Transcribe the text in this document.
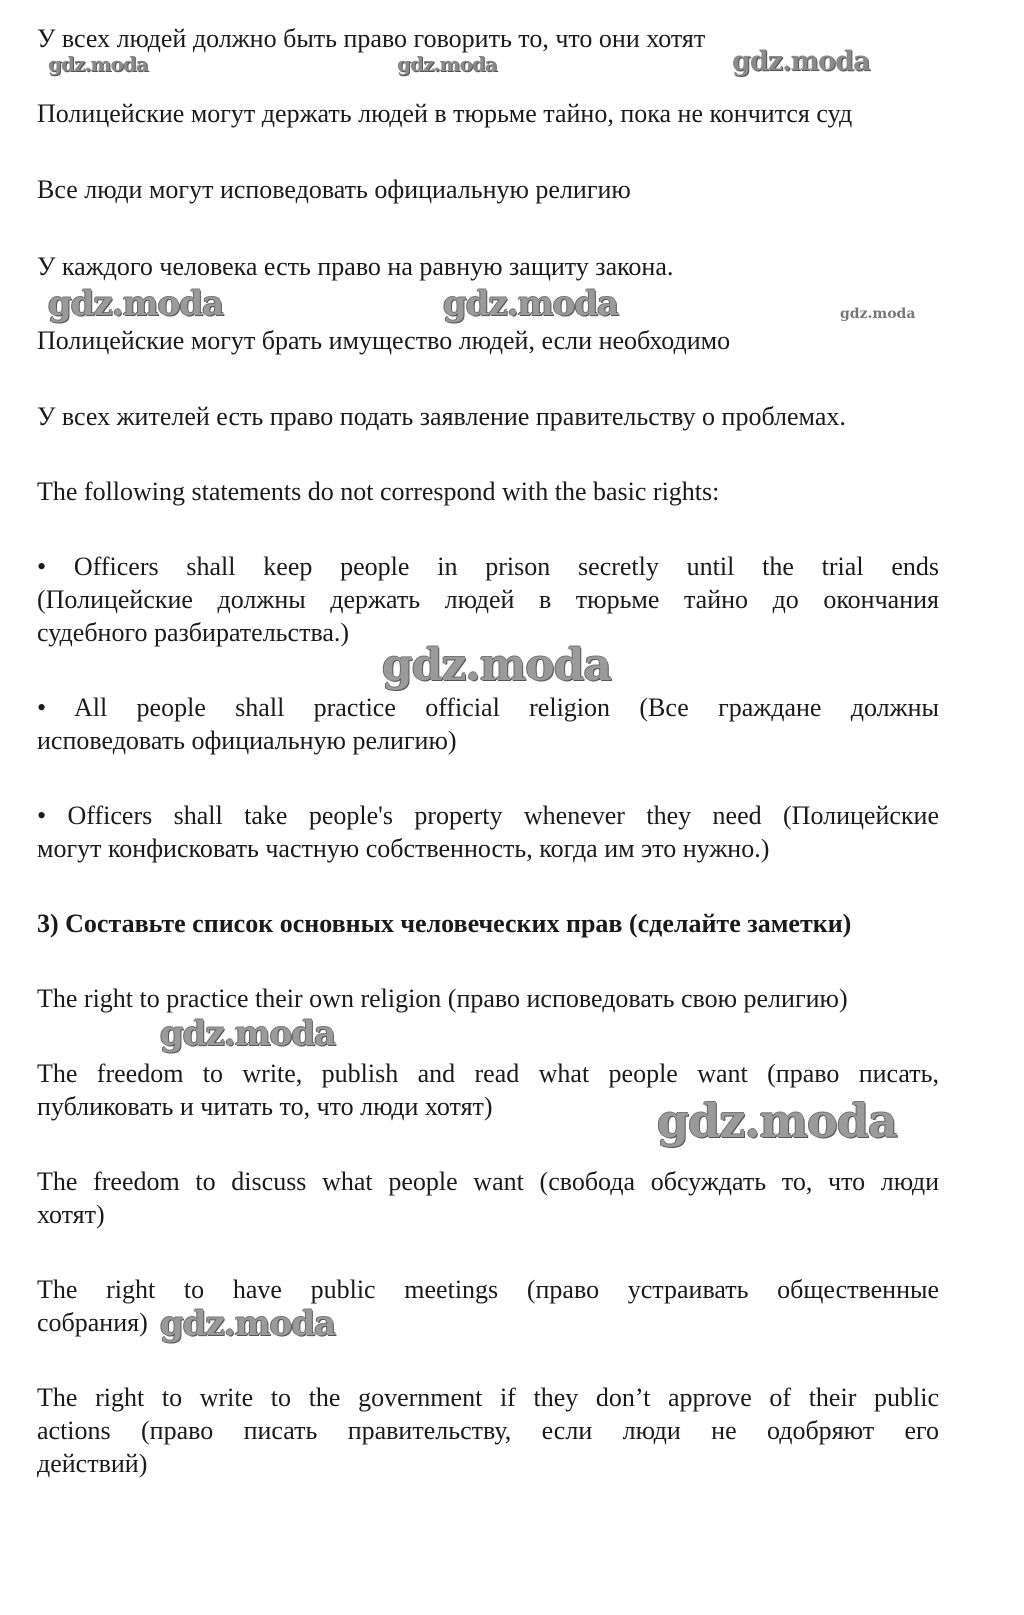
У всех людей должно быть право говорить то, что они хотят

Полицейские могут держать людей в тюрьме тайно, пока не кончится суд

Все люди могут исповедовать официальную религию

У каждого человека есть право на равную защиту закона.

Полицейские могут брать имущество людей, если необходимо

У всех жителей есть право подать заявление правительству о проблемах.

The following statements do not correspond with the basic rights:

• Officers shall keep people in prison secretly until the trial ends

(Полицейские должны держать людей в тюрьме тайно до окончания

судебного разбирательства.)

• All people shall practice official religion (Все граждане должны

исповедовать официальную религию)

• Officers shall take people's property whenever they need (Полицейские

могут конфисковать частную собственность, когда им это нужно.)

3) Составьте список основных человеческих прав (сделайте заметки)

The right to practice their own religion (право исповедовать свою религию)

The freedom to write, publish and read what people want (право писать,

публиковать и читать то, что люди хотят)

The freedom to discuss what people want (свобода обсуждать то, что люди

хотят)

The right to have public meetings (право устраивать общественные

собрания)

The right to write to the government if they don’t approve of their public

actions (право писать правительству, если люди не одобряют его

действий)

gdz.moda	gdz.moda	gdz.moda
gdz.moda	gdz.moda	gdz.moda
gdz.moda
gdz.moda
gdz.moda
gdz.moda
